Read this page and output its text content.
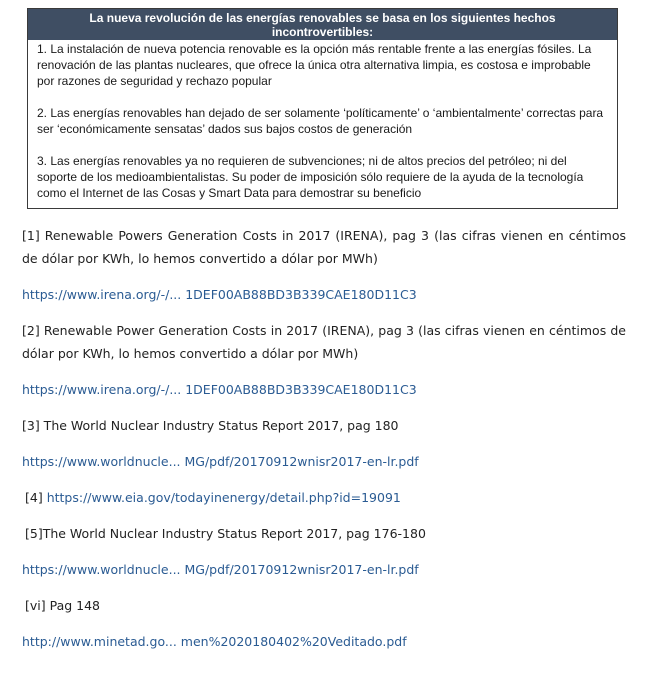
La nueva revolución de las energías renovables se basa en los siguientes hechos incontrovertibles:

1. La instalación de nueva potencia renovable es la opción más rentable frente a las energías fósiles. La renovación de las plantas nucleares, que ofrece la única otra alternativa limpia, es costosa e improbable por razones de seguridad y rechazo popular

2. Las energías renovables han dejado de ser solamente ‘políticamente’ o ‘ambientalmente’ correctas para ser ‘económicamente sensatas’ dados sus bajos costos de generación

3. Las energías renovables ya no requieren de subvenciones; ni de altos precios del petróleo; ni del soporte de los medioambientalistas. Su poder de imposición sólo requiere de la ayuda de la tecnología como el Internet de las Cosas y Smart Data para demostrar su beneficio

[1] Renewable Powers Generation Costs in 2017 (IRENA), pag 3 (las cifras vienen en céntimos de dólar por KWh, lo hemos convertido a dólar por MWh)

https://www.irena.org/-/... 1DEF00AB88BD3B339CAE180D11C3

[2] Renewable Power Generation Costs in 2017 (IRENA), pag 3 (las cifras vienen en céntimos de dólar por KWh, lo hemos convertido a dólar por MWh)

https://www.irena.org/-/... 1DEF00AB88BD3B339CAE180D11C3

[3] The World Nuclear Industry Status Report 2017, pag 180

https://www.worldnucle... MG/pdf/20170912wnisr2017-en-lr.pdf

[4] https://www.eia.gov/todayinenergy/detail.php?id=19091

[5]The World Nuclear Industry Status Report 2017, pag 176-180

https://www.worldnucle... MG/pdf/20170912wnisr2017-en-lr.pdf

[vi] Pag 148

http://www.minetad.go... men%2020180402%20Veditado.pdf
